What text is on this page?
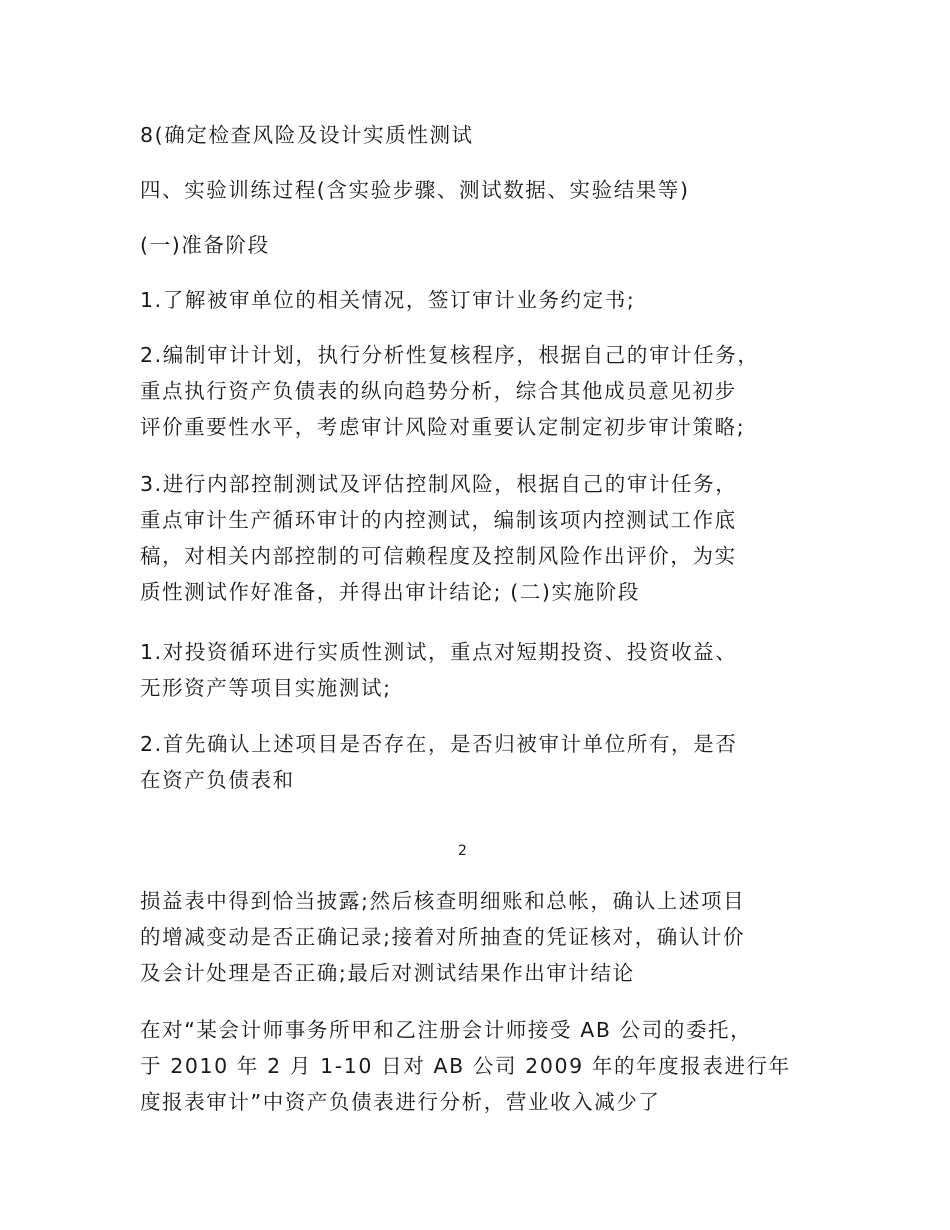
8(确定检查风险及设计实质性测试

四、实验训练过程(含实验步骤、测试数据、实验结果等)

(一)准备阶段

1.了解被审单位的相关情况，签订审计业务约定书;

2.编制审计计划，执行分析性复核程序，根据自己的审计任务，
重点执行资产负债表的纵向趋势分析，综合其他成员意见初步
评价重要性水平，考虑审计风险对重要认定制定初步审计策略;

3.进行内部控制测试及评估控制风险，根据自己的审计任务，
重点审计生产循环审计的内控测试，编制该项内控测试工作底
稿，对相关内部控制的可信赖程度及控制风险作出评价，为实
质性测试作好准备，并得出审计结论; (二)实施阶段

1.对投资循环进行实质性测试，重点对短期投资、投资收益、
无形资产等项目实施测试;

2.首先确认上述项目是否存在，是否归被审计单位所有，是否
在资产负债表和

2

损益表中得到恰当披露;然后核查明细账和总帐，确认上述项目
的增减变动是否正确记录;接着对所抽查的凭证核对，确认计价
及会计处理是否正确;最后对测试结果作出审计结论

在对“某会计师事务所甲和乙注册会计师接受 AB 公司的委托，
于 2010 年 2 月 1-10 日对 AB 公司 2009 年的年度报表进行年
度报表审计”中资产负债表进行分析，营业收入减少了
